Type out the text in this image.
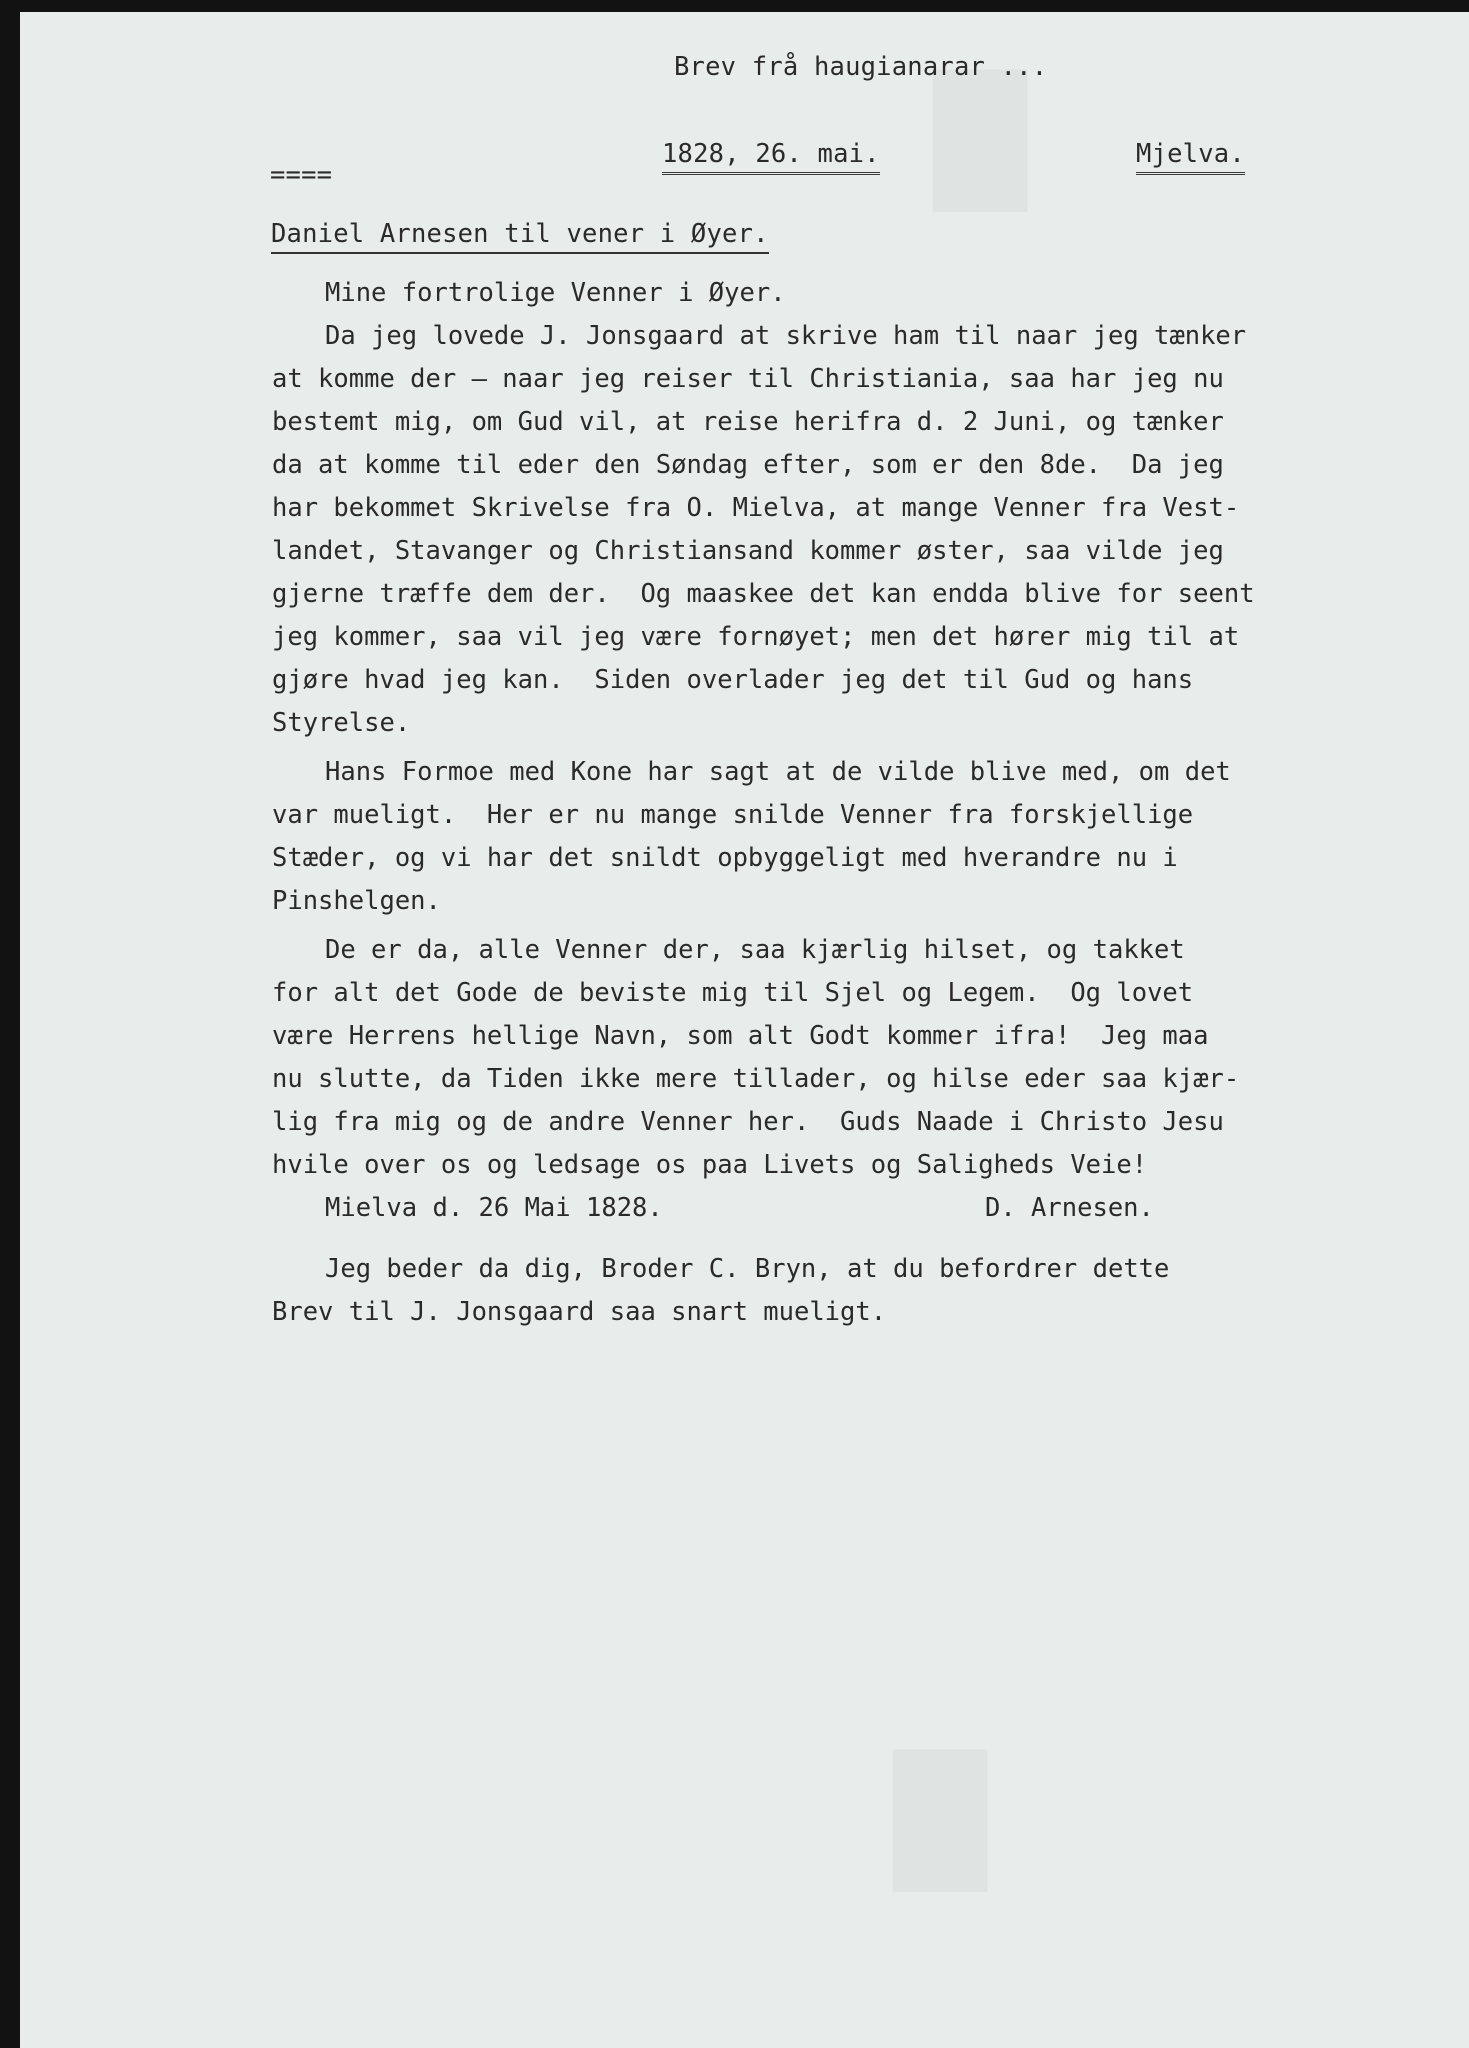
█
Brev frå haugianarar ...
====
1828, 26. mai.	Mjelva.
Daniel Arnesen til vener i Øyer.

Mine fortrolige Venner i Øyer.

Da jeg lovede J. Jonsgaard at skrive ham til naar jeg tænker

at komme der — naar jeg reiser til Christiania, saa har jeg nu

bestemt mig, om Gud vil, at reise herifra d. 2 Juni, og tænker

da at komme til eder den Søndag efter, som er den 8de.  Da jeg

har bekommet Skrivelse fra O. Mielva, at mange Venner fra Vest-

landet, Stavanger og Christiansand kommer øster, saa vilde jeg

gjerne træffe dem der.  Og maaskee det kan endda blive for seent

jeg kommer, saa vil jeg være fornøyet; men det hører mig til at

gjøre hvad jeg kan.  Siden overlader jeg det til Gud og hans

Styrelse.

Hans Formoe med Kone har sagt at de vilde blive med, om det

var mueligt.  Her er nu mange snilde Venner fra forskjellige

Stæder, og vi har det snildt opbyggeligt med hverandre nu i

Pinshelgen.

De er da, alle Venner der, saa kjærlig hilset, og takket

for alt det Gode de beviste mig til Sjel og Legem.  Og lovet

være Herrens hellige Navn, som alt Godt kommer ifra!  Jeg maa

nu slutte, da Tiden ikke mere tillader, og hilse eder saa kjær-

lig fra mig og de andre Venner her.  Guds Naade i Christo Jesu

hvile over os og ledsage os paa Livets og Saligheds Veie!

Mielva d. 26 Mai 1828.	D. Arnesen.

Jeg beder da dig, Broder C. Bryn, at du befordrer dette

Brev til J. Jonsgaard saa snart mueligt.

█
